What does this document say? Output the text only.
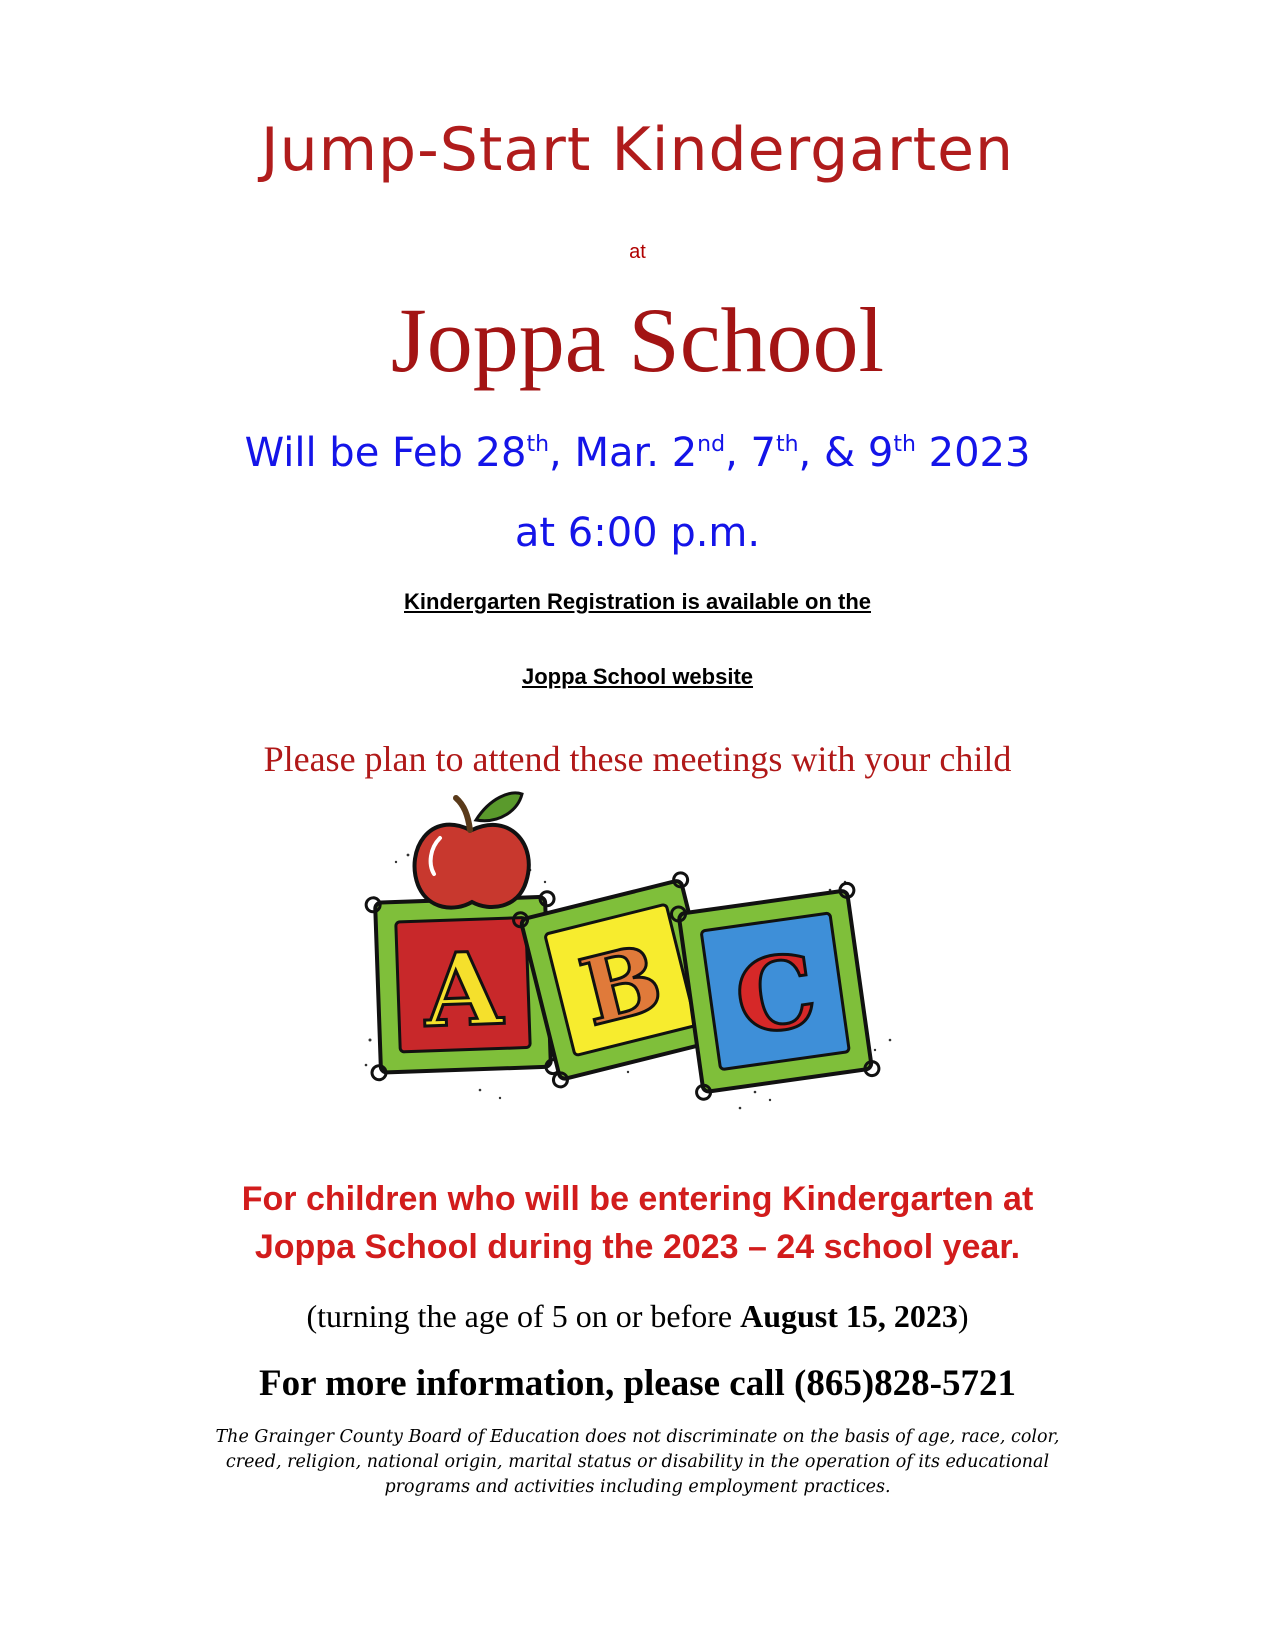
Jump-Start Kindergarten
at
Joppa School
Will be Feb 28th, Mar. 2nd, 7th, & 9th 2023
at 6:00 p.m.
Kindergarten Registration is available on the
Joppa School website
Please plan to attend these meetings with your child
A B C
For children who will be entering Kindergarten at
Joppa School during the 2023 – 24 school year.
(turning the age of 5 on or before August 15, 2023)
For more information, please call (865)828-5721
The Grainger County Board of Education does not discriminate on the basis of age, race, color,
creed, religion, national origin, marital status or disability in the operation of its educational
programs and activities including employment practices.
